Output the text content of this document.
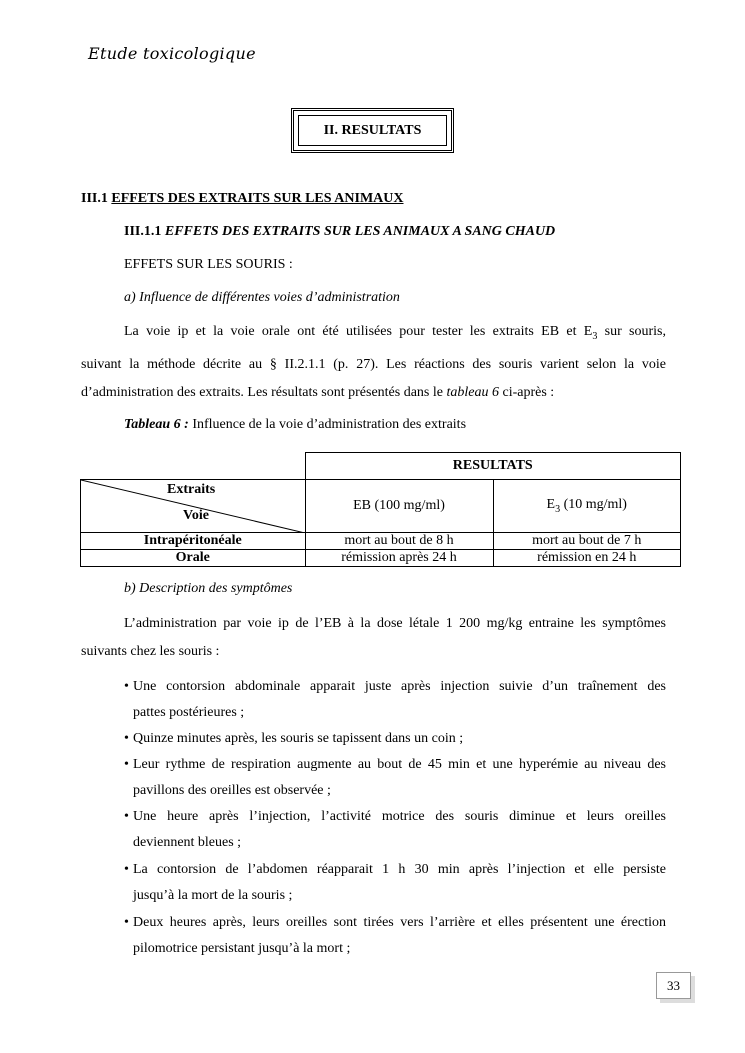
Etude toxicologique
II. RESULTATS
III.1 EFFETS DES EXTRAITS SUR LES ANIMAUX
III.1.1 EFFETS DES EXTRAITS SUR LES ANIMAUX A SANG CHAUD
EFFETS SUR LES SOURIS :
a) Influence de différentes voies d’administration
La voie ip et la voie orale ont été utilisées pour tester les extraits EB et $E_3$ sur souris,
suivant la méthode décrite au § II.2.1.1 (p. 27). Les réactions des souris varient selon la voie
d’administration des extraits. Les résultats sont présentés dans le tableau 6 ci-après :
Tableau 6 : Influence de la voie d’administration des extraits
	RESULTATS	

Extraits
Voie	EB (100 mg/ml)	$E_3$ (10 mg/ml)
Intrapéritonéale	mort au bout de 8 h	mort au bout de 7 h
Orale	rémission après 24 h	rémission en 24 h
b) Description des symptômes
L’administration par voie ip de l’EB à la dose létale 1 200 mg/kg entraine les symptômes
suivants chez les souris :
• Une contorsion abdominale apparait juste après injection suivie d’un traînement des
pattes postérieures ;
• Quinze minutes après, les souris se tapissent dans un coin ;
• Leur rythme de respiration augmente au bout de 45 min et une hyperémie au niveau des
pavillons des oreilles est observée ;
• Une heure après l’injection, l’activité motrice des souris diminue et leurs oreilles
deviennent bleues ;
• La contorsion de l’abdomen réapparait 1 h 30 min après l’injection et elle persiste
jusqu’à la mort de la souris ;
• Deux heures après, leurs oreilles sont tirées vers l’arrière et elles présentent une érection
pilomotrice persistant jusqu’à la mort ;
33
